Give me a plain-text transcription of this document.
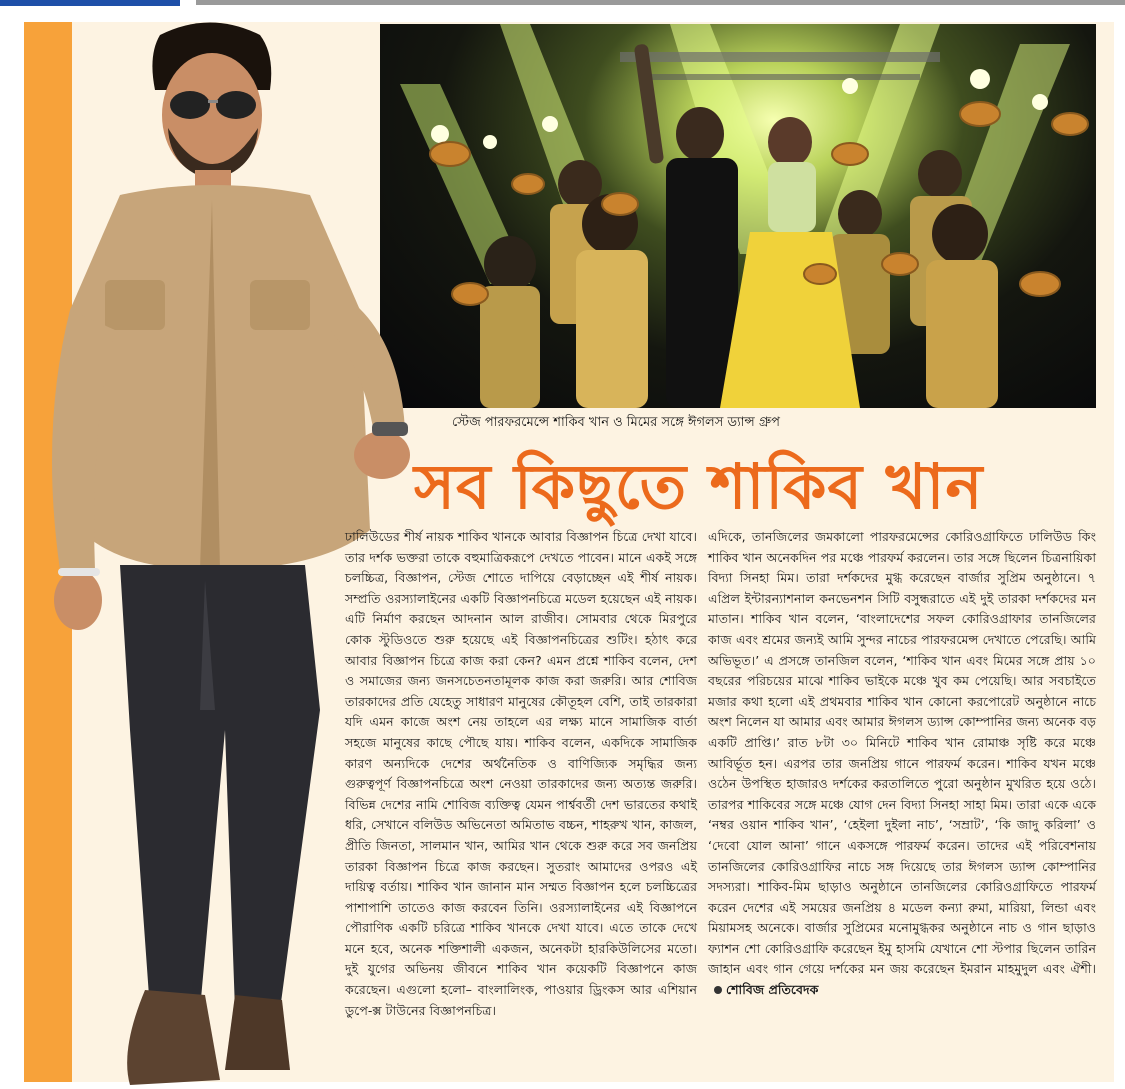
স্টেজ পারফরমেন্সে শাকিব খান ও মিমের সঙ্গে ঈগলস ড্যান্স গ্রুপ
সব কিছুতে শাকিব খান

ঢালিউডের শীর্ষ নায়ক শাকিব খানকে আবার বিজ্ঞাপন চিত্রে দেখা যাবে। তার দর্শক ভক্তরা তাকে বহুমাত্রিকরূপে দেখতে পাবেন। মানে একই সঙ্গে চলচ্চিত্র, বিজ্ঞাপন, স্টেজ শোতে দাপিয়ে বেড়াচ্ছেন এই শীর্ষ নায়ক। সম্প্রতি ওরস্যালাইনের একটি বিজ্ঞাপনচিত্রে মডেল হয়েছেন এই নায়ক। এটি নির্মাণ করছেন আদনান আল রাজীব। সোমবার থেকে মিরপুরে কোক স্টুডিওতে শুরু হয়েছে এই বিজ্ঞাপনচিত্রের শুটিং। হঠাৎ করে আবার বিজ্ঞাপন চিত্রে কাজ করা কেন? এমন প্রশ্নে শাকিব বলেন, দেশ ও সমাজের জন্য জনসচেতনতামূলক কাজ করা জরুরি। আর শোবিজ তারকাদের প্রতি যেহেতু সাধারণ মানুষের কৌতূহল বেশি, তাই তারকারা যদি এমন কাজে অংশ নেয় তাহলে এর লক্ষ্য মানে সামাজিক বার্তা সহজে মানুষের কাছে পৌছে যায়। শাকিব বলেন, একদিকে সামাজিক কারণ অন্যদিকে দেশের অর্থনৈতিক ও বাণিজ্যিক সমৃদ্ধির জন্য গুরুত্বপূর্ণ বিজ্ঞাপনচিত্রে অংশ নেওয়া তারকাদের জন্য অত্যন্ত জরুরি। বিভিন্ন দেশের নামি শোবিজ ব্যক্তিত্ব যেমন পার্শ্ববর্তী দেশ ভারতের কথাই ধরি, সেখানে বলিউড অভিনেতা অমিতাভ বচ্চন, শাহরুখ খান, কাজল, প্রীতি জিনতা, সালমান খান, আমির খান থেকে শুরু করে সব জনপ্রিয় তারকা বিজ্ঞাপন চিত্রে কাজ করছেন। সুতরাং আমাদের ওপরও এই দায়িত্ব বর্তায়। শাকিব খান জানান মান সম্মত বিজ্ঞাপন হলে চলচ্চিত্রের পাশাপাশি তাতেও কাজ করবেন তিনি। ওরস্যালাইনের এই বিজ্ঞাপনে পৌরাণিক একটি চরিত্রে শাকিব খানকে দেখা যাবে। এতে তাকে দেখে মনে হবে, অনেক শক্তিশালী একজন, অনেকটা হারকিউলিসের মতো। দুই যুগের অভিনয় জীবনে শাকিব খান কয়েকটি বিজ্ঞাপনে কাজ করেছেন। এগুলো হলো– বাংলালিংক, পাওয়ার ড্রিংকস আর এশিয়ান ডুপে-ক্স টাউনের বিজ্ঞাপনচিত্র।

এদিকে, তানজিলের জমকালো পারফরমেন্সের কোরিওগ্রাফিতে ঢালিউড কিং শাকিব খান অনেকদিন পর মঞ্চে পারফর্ম করলেন। তার সঙ্গে ছিলেন চিত্রনায়িকা বিদ্যা সিনহা মিম। তারা দর্শকদের মুগ্ধ করেছেন বার্জার সুপ্রিম অনুষ্ঠানে। ৭ এপ্রিল ইন্টারন্যাশনাল কনভেনশন সিটি বসুন্ধরাতে এই দুই তারকা দর্শকদের মন মাতান। শাকিব খান বলেন, ‘বাংলাদেশের সফল কোরিওগ্রাফার তানজিলের কাজ এবং শ্রমের জন্যই আমি সুন্দর নাচের পারফরমেন্স দেখাতে পেরেছি। আমি অভিভূত।’ এ প্রসঙ্গে তানজিল বলেন, ‘শাকিব খান এবং মিমের সঙ্গে প্রায় ১০ বছরের পরিচয়ের মাঝে শাকিব ভাইকে মঞ্চে খুব কম পেয়েছি। আর সবচাইতে মজার কথা হলো এই প্রথমবার শাকিব খান কোনো করপোরেট অনুষ্ঠানে নাচে অংশ নিলেন যা আমার এবং আমার ঈগলস ড্যান্স কোম্পানির জন্য অনেক বড় একটি প্রাপ্তি।’ রাত ৮টা ৩০ মিনিটে শাকিব খান রোমাঞ্চ সৃষ্টি করে মঞ্চে আবির্ভূত হন। এরপর তার জনপ্রিয় গানে পারফর্ম করেন। শাকিব যখন মঞ্চে ওঠেন উপস্থিত হাজারও দর্শকের করতালিতে পুরো অনুষ্ঠান মুখরিত হয়ে ওঠে। তারপর শাকিবের সঙ্গে মঞ্চে যোগ দেন বিদ্যা সিনহা সাহা মিম। তারা একে একে ‘নম্বর ওয়ান শাকিব খান’, ‘হেইলা দুইলা নাচ’, ‘সম্রাট’, ‘কি জাদু করিলা’ ও ‘দেবো যোল আনা’ গানে একসঙ্গে পারফর্ম করেন। তাদের এই পরিবেশনায় তানজিলের কোরিওগ্রাফির নাচে সঙ্গ দিয়েছে তার ঈগলস ড্যান্স কোম্পানির সদস্যরা। শাকিব-মিম ছাড়াও অনুষ্ঠানে তানজিলের কোরিওগ্রাফিতে পারফর্ম করেন দেশের এই সময়ের জনপ্রিয় ৪ মডেল কন্যা রুমা, মারিয়া, লিন্ডা এবং মিয়ামসহ অনেকে। বার্জার সুপ্রিমের মনোমুগ্ধকর অনুষ্ঠানে নাচ ও গান ছাড়াও ফ্যাশন শো কোরিওগ্রাফি করেছেন ইমু হাসমি যেখানে শো স্টপার ছিলেন তারিন জাহান এবং গান গেয়ে দর্শকের মন জয় করেছেন ইমরান মাহমুদুল এবং ঐশী।শোবিজ প্রতিবেদক
